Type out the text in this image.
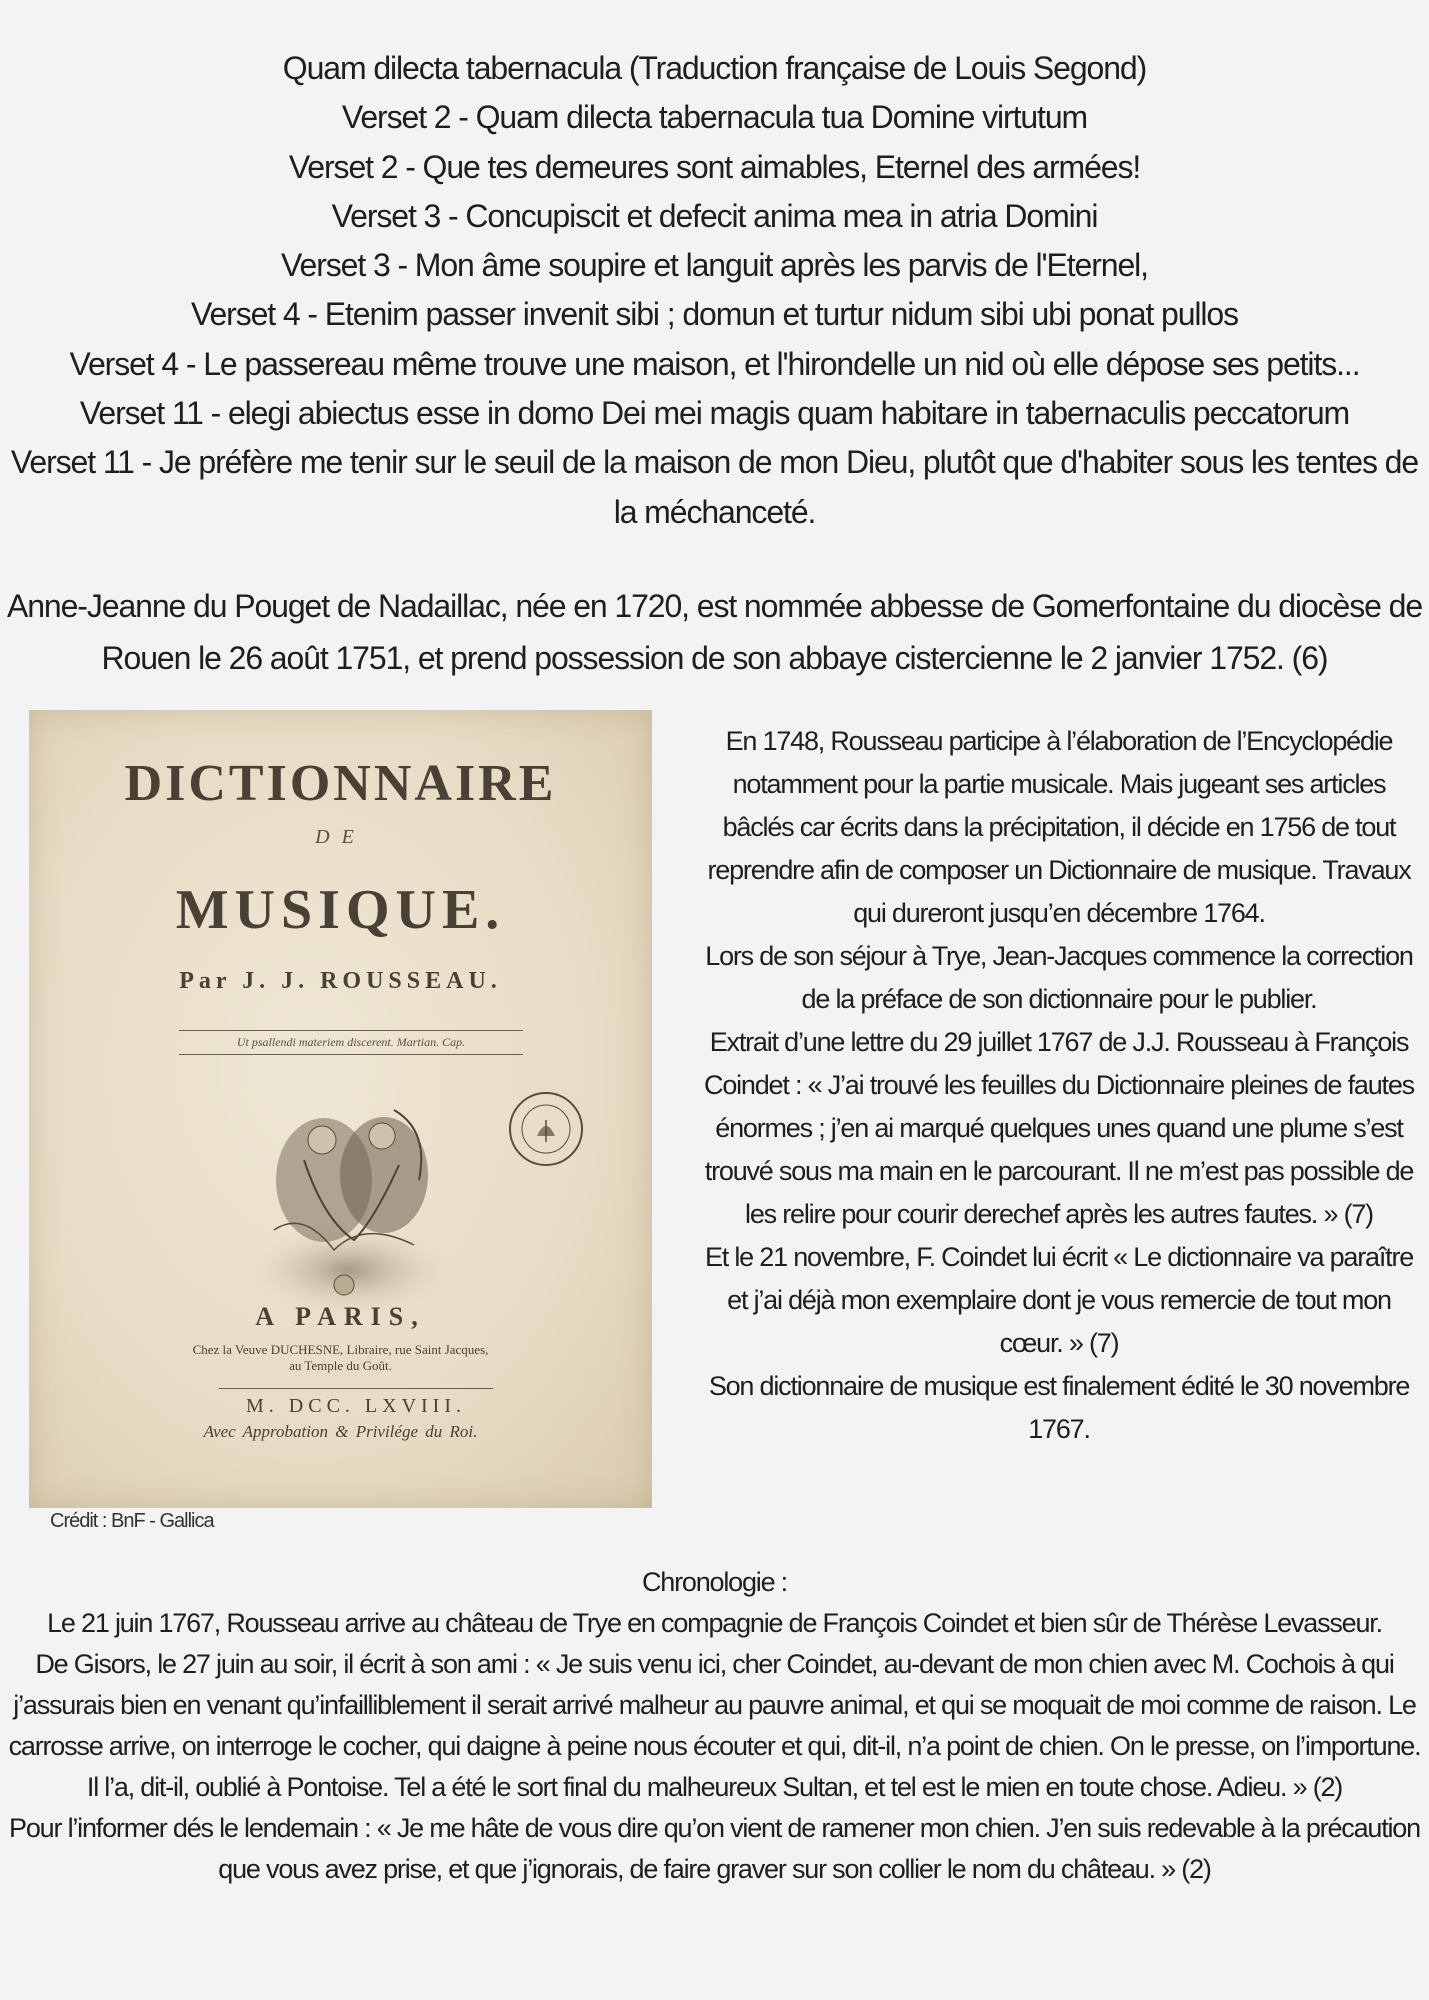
Quam dilecta tabernacula (Traduction française de Louis Segond)
Verset 2 - Quam dilecta tabernacula tua Domine virtutum
Verset 2 - Que tes demeures sont aimables, Eternel des armées!
Verset 3 - Concupiscit et defecit anima mea in atria Domini
Verset 3 - Mon âme soupire et languit après les parvis de l'Eternel,
Verset 4 - Etenim passer invenit sibi ; domun et turtur nidum sibi ubi ponat pullos
Verset 4 - Le passereau même trouve une maison, et l'hirondelle un nid où elle dépose ses petits...
Verset 11 - elegi abiectus esse in domo Dei mei magis quam habitare in tabernaculis peccatorum
Verset 11 - Je préfère me tenir sur le seuil de la maison de mon Dieu, plutôt que d'habiter sous les tentes de la méchanceté.
Anne-Jeanne du Pouget de Nadaillac, née en 1720, est nommée abbesse de Gomerfontaine du diocèse de Rouen le 26 août 1751, et prend possession de son abbaye cistercienne le 2 janvier 1752. (6)
DICTIONNAIRE
DE
MUSIQUE.
Par J. J. ROUSSEAU.
Ut psallendi materiem discerent. Martian. Cap.
A PARIS,
Chez la Veuve DUCHESNE, Libraire, rue Saint Jacques,
au Temple du Goût.
M. DCC. LXVIII.
Avec Approbation & Privilége du Roi.
Crédit : BnF - Gallica

En 1748, Rousseau participe à l’élaboration de l’Encyclopédie notamment pour la partie musicale. Mais jugeant ses articles bâclés car écrits dans la précipitation, il décide en 1756 de tout reprendre afin de composer un Dictionnaire de musique. Travaux qui dureront jusqu’en décembre 1764.

Lors de son séjour à Trye, Jean-Jacques commence la correction de la préface de son dictionnaire pour le publier.

Extrait d’une lettre du 29 juillet 1767 de J.J. Rousseau à François Coindet : « J’ai trouvé les feuilles du Dictionnaire pleines de fautes énormes ; j’en ai marqué quelques unes quand une plume s’est trouvé sous ma main en le parcourant. Il ne m’est pas possible de les relire pour courir derechef après les autres fautes. » (7)

Et le 21 novembre, F. Coindet lui écrit « Le dictionnaire va paraître et j’ai déjà mon exemplaire dont je vous remercie de tout mon cœur. » (7)

Son dictionnaire de musique est finalement édité le 30 novembre 1767.

Chronologie :

Le 21 juin 1767, Rousseau arrive au château de Trye en compagnie de François Coindet et bien sûr de Thérèse Levasseur.

De Gisors, le 27 juin au soir, il écrit à son ami : « Je suis venu ici, cher Coindet, au-devant de mon chien avec M. Cochois à qui j’assurais bien en venant qu’infailliblement il serait arrivé malheur au pauvre animal, et qui se moquait de moi comme de raison. Le carrosse arrive, on interroge le cocher, qui daigne à peine nous écouter et qui, dit-il, n’a point de chien. On le presse, on l’importune. Il l’a, dit-il, oublié à Pontoise. Tel a été le sort final du malheureux Sultan, et tel est le mien en toute chose. Adieu. » (2)

Pour l’informer dés le lendemain : « Je me hâte de vous dire qu’on vient de ramener mon chien. J’en suis redevable à la précaution que vous avez prise, et que j’ignorais, de faire graver sur son collier le nom du château. » (2)
